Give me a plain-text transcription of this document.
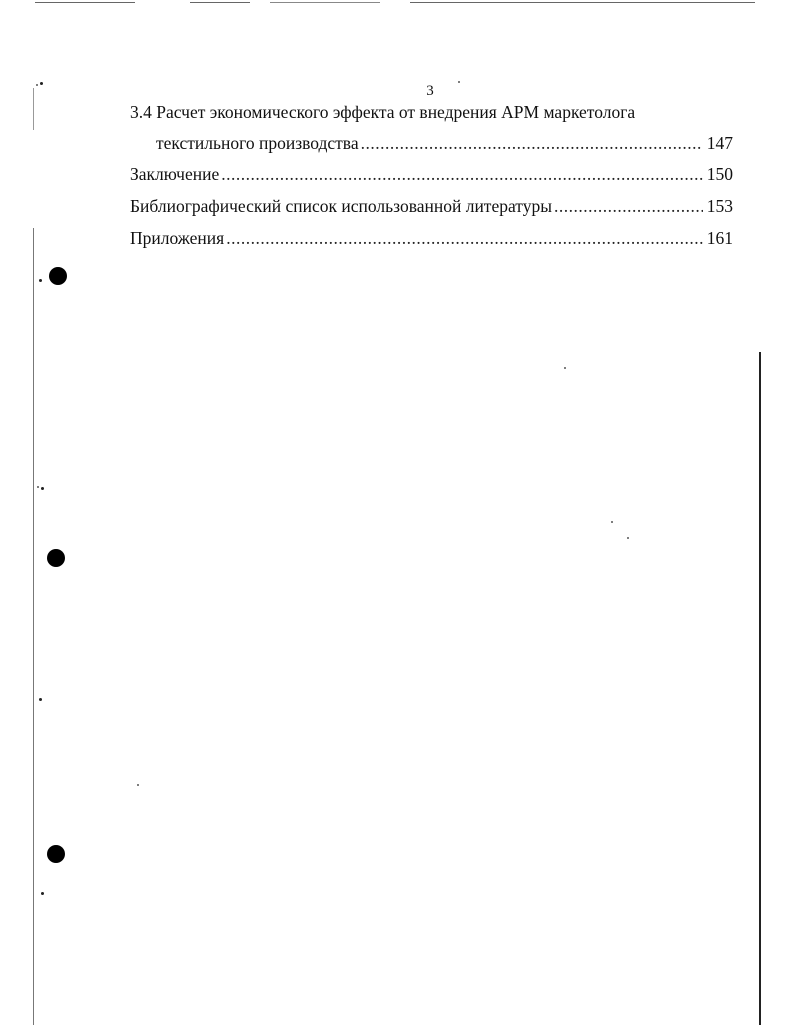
3
3.4 Расчет экономического эффекта от внедрения АРМ маркетолога
текстильного производства .....	147
Заключение .....	150
Библиографический список использованной литературы .....	153
Приложения .....	161
